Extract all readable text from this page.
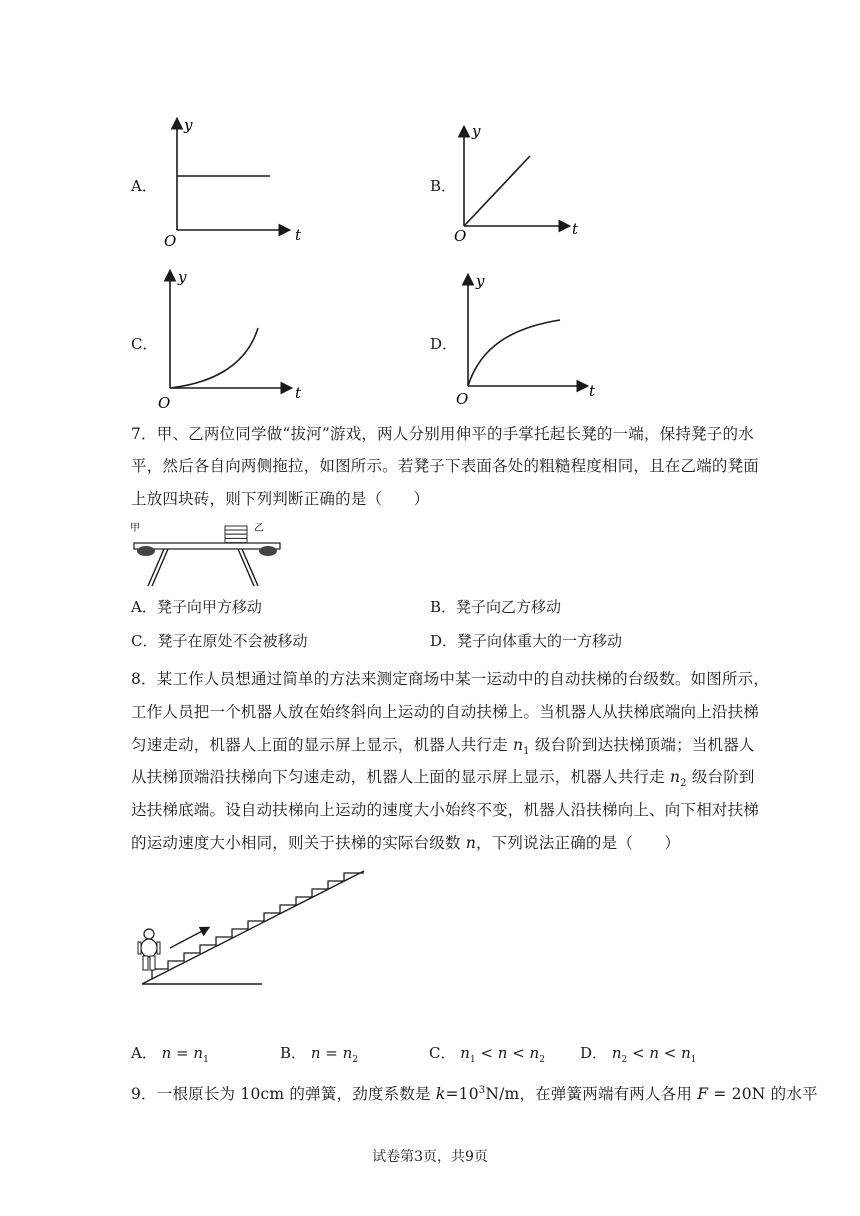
A．
y
t
O
B．
y
t
O
C．
y
t
O
D．
y
t
O
7．甲、乙两位同学做“拔河”游戏，两人分别用伸平的手掌托起长凳的一端，保持凳子的水
平，然后各自向两侧拖拉，如图所示。若凳子下表面各处的粗糙程度相同，且在乙端的凳面
上放四块砖，则下列判断正确的是（　　）
甲	乙
A．凳子向甲方移动	B．凳子向乙方移动
C．凳子在原处不会被移动	D．凳子向体重大的一方移动
8．某工作人员想通过简单的方法来测定商场中某一运动中的自动扶梯的台级数。如图所示，
工作人员把一个机器人放在始终斜向上运动的自动扶梯上。当机器人从扶梯底端向上沿扶梯
匀速走动，机器人上面的显示屏上显示，机器人共行走 $n_1$ 级台阶到达扶梯顶端；当机器人
从扶梯顶端沿扶梯向下匀速走动，机器人上面的显示屏上显示，机器人共行走 $n_2$ 级台阶到
达扶梯底端。设自动扶梯向上运动的速度大小始终不变，机器人沿扶梯向上、向下相对扶梯
的运动速度大小相同，则关于扶梯的实际台级数 n，下列说法正确的是（　　）
A． $n = n_1$	B． $n = n_2$	C． $n_1 < n < n_2$ D． $n_2 < n < n_1$
9．一根原长为 10cm 的弹簧，劲度系数是 $k=10^3N/m$，在弹簧两端有两人各用 F = 20N 的水平
试卷第3页，共9页
